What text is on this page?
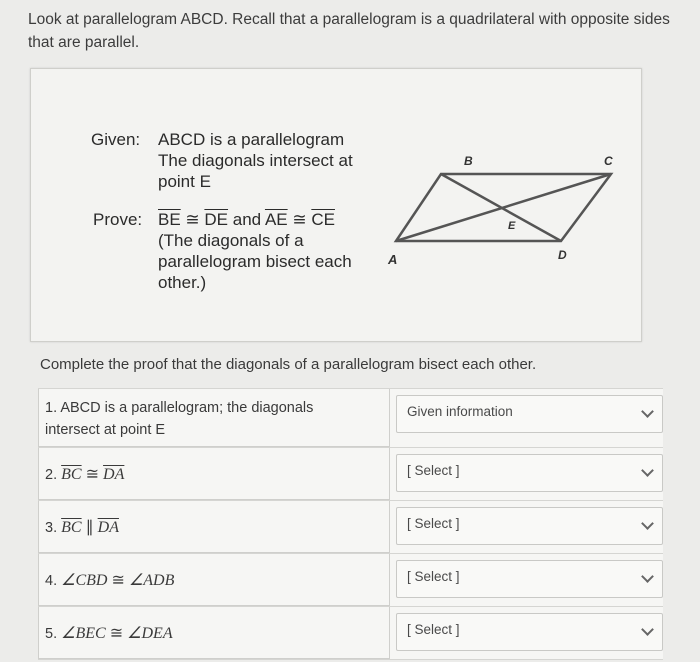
Look at parallelogram ABCD. Recall that a parallelogram is a quadrilateral with opposite sides that are parallel.
Given: ABCD is a parallelogram
The diagonals intersect at
point E
Prove: $\overline{BE}$ ≅ $\overline{DE}$ and $\overline{AE}$ ≅ $\overline{CE}$
(The diagonals of a
parallelogram bisect each
other.)
B	C
A	D
E
Complete the proof that the diagonals of a parallelogram bisect each other.
1. ABCD is a parallelogram; the diagonals
intersect at point E
Given information
2. $\overline{BC}$ ≅ $\overline{DA}$	[ Select ]
3. $\overline{BC}$ ∥ $\overline{DA}$	[ Select ]
4. ∠CBD ≅ ∠ADB	[ Select ]
5. ∠BEC ≅ ∠DEA	[ Select ]
